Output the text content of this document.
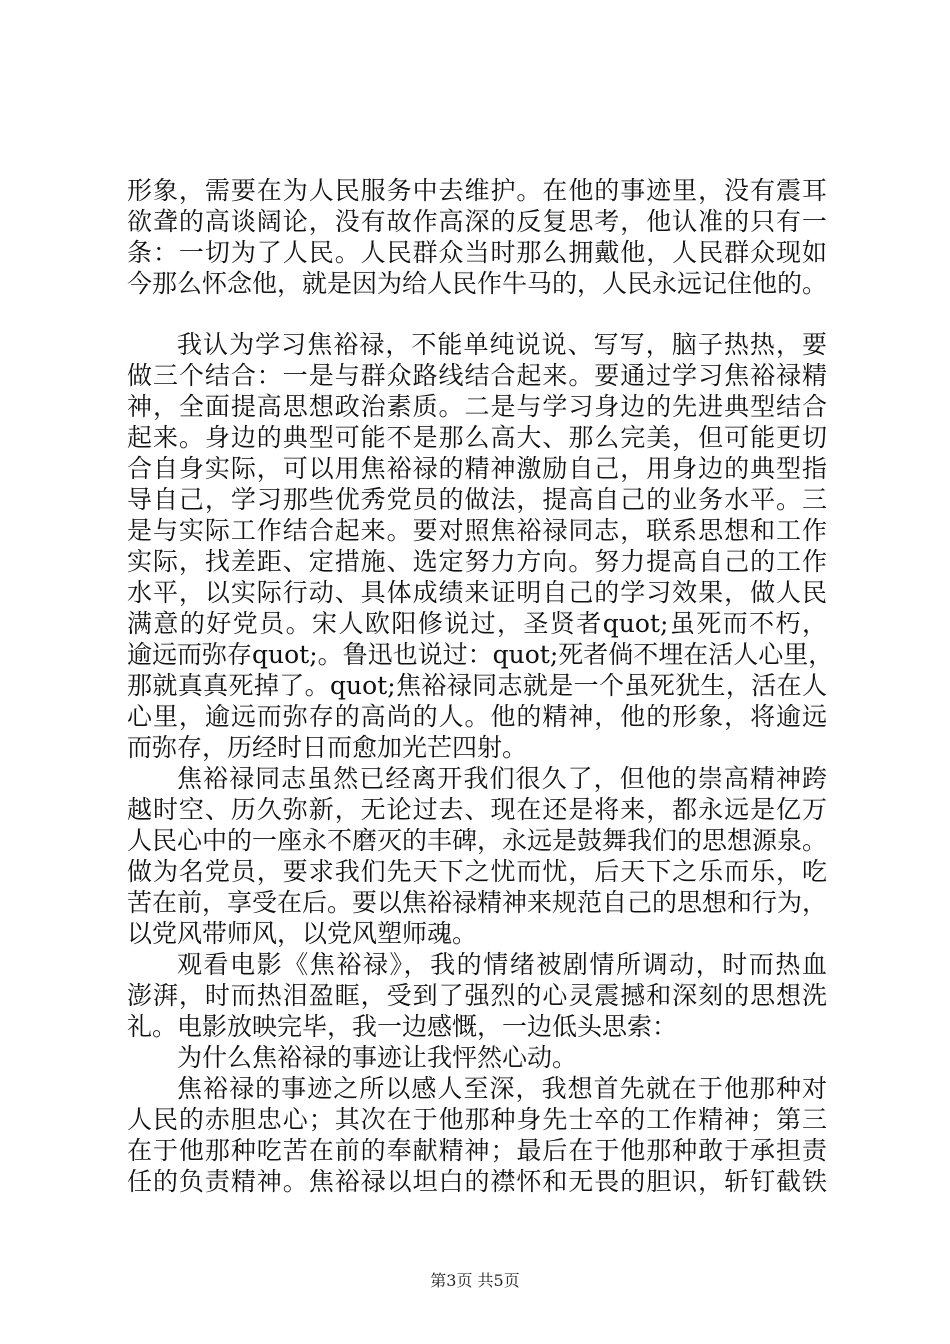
形象，需要在为人民服务中去维护。在他的事迹里，没有震耳
欲聋的高谈阔论，没有故作高深的反复思考，他认准的只有一
条：一切为了人民。人民群众当时那么拥戴他，人民群众现如
今那么怀念他，就是因为给人民作牛马的，人民永远记住他的。
我认为学习焦裕禄，不能单纯说说、写写，脑子热热，要
做三个结合：一是与群众路线结合起来。要通过学习焦裕禄精
神，全面提高思想政治素质。二是与学习身边的先进典型结合
起来。身边的典型可能不是那么高大、那么完美，但可能更切
合自身实际，可以用焦裕禄的精神激励自己，用身边的典型指
导自己，学习那些优秀党员的做法，提高自己的业务水平。三
是与实际工作结合起来。要对照焦裕禄同志，联系思想和工作
实际，找差距、定措施、选定努力方向。努力提高自己的工作
水平，以实际行动、具体成绩来证明自己的学习效果，做人民
满意的好党员。宋人欧阳修说过，圣贤者quot;虽死而不朽，
逾远而弥存quot;。鲁迅也说过：quot;死者倘不埋在活人心里，
那就真真死掉了。quot;焦裕禄同志就是一个虽死犹生，活在人
心里，逾远而弥存的高尚的人。他的精神，他的形象，将逾远
而弥存，历经时日而愈加光芒四射。
焦裕禄同志虽然已经离开我们很久了，但他的崇高精神跨
越时空、历久弥新，无论过去、现在还是将来，都永远是亿万
人民心中的一座永不磨灭的丰碑，永远是鼓舞我们的思想源泉。
做为名党员，要求我们先天下之忧而忧，后天下之乐而乐，吃
苦在前，享受在后。要以焦裕禄精神来规范自己的思想和行为，
以党风带师风，以党风塑师魂。
观看电影《焦裕禄》，我的情绪被剧情所调动，时而热血
澎湃，时而热泪盈眶，受到了强烈的心灵震撼和深刻的思想洗
礼。电影放映完毕，我一边感慨，一边低头思索：
为什么焦裕禄的事迹让我怦然心动。
焦裕禄的事迹之所以感人至深，我想首先就在于他那种对
人民的赤胆忠心；其次在于他那种身先士卒的工作精神；第三
在于他那种吃苦在前的奉献精神；最后在于他那种敢于承担责
任的负责精神。焦裕禄以坦白的襟怀和无畏的胆识，斩钉截铁
第3页 共5页
